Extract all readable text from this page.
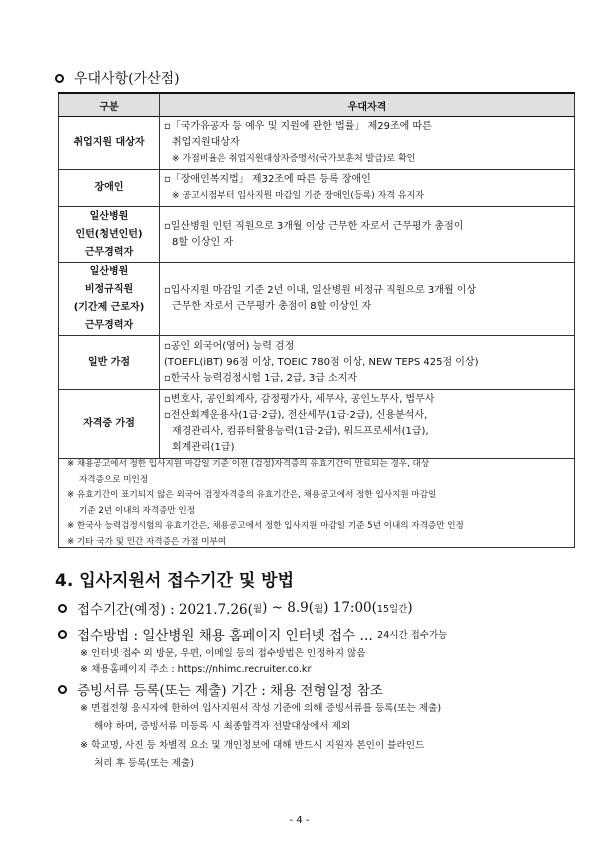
우대사항(가산점)
구분	우대자격

취업지원 대상자	▫「국가유공자 등 예우 및 지원에 관한 법률」 제29조에 따른
취업지원대상자
※ 가점비율은 취업지원대상자증명서(국가보훈처 발급)로 확인

장애인	▫「장애인복지법」 제32조에 따른 등록 장애인
※ 공고시점부터 입사지원 마감일 기준 장애인(등록) 자격 유지자

일산병원
인턴(청년인턴)
근무경력자	▫일산병원 인턴 직원으로 3개월 이상 근무한 자로서 근무평가 총점이
8할 이상인 자

일산병원
비정규직원
(기간제 근로자)
근무경력자	▫입사지원 마감일 기준 2년 이내, 일산병원 비정규 직원으로 3개월 이상
근무한 자로서 근무평가 총점이 8할 이상인 자

일반 가점	▫공인 외국어(영어) 능력 검정
(TOEFL(iBT) 96점 이상, TOEIC 780점 이상, NEW TEPS 425점 이상)
▫한국사 능력검정시험 1급, 2급, 3급 소지자

자격증 가점	▫변호사, 공인회계사, 감정평가사, 세무사, 공인노무사, 법무사
▫전산회계운용사(1급·2급), 전산세무(1급·2급), 신용분석사,
재경관리사, 컴퓨터활용능력(1급·2급), 워드프로세서(1급),
회계관리(1급)
※ 채용공고에서 정한 입사지원 마감일 기준 이전 (검정)자격증의 유효기간이 만료되는 경우, 대상
자격증으로 미인정
※ 유효기간이 표기되지 않은 외국어 검정자격증의 유효기간은, 채용공고에서 정한 입사지원 마감일
기준 2년 이내의 자격증만 인정
※ 한국사 능력검정시험의 유효기간은, 채용공고에서 정한 입사지원 마감일 기준 5년 이내의 자격증만 인정
※ 기타 국가 및 민간 자격증은 가점 미부여
4. 입사지원서 접수기간 및 방법
접수기간(예정) : 2021.7.26( 월 ) ~ 8.9( 월 ) 17:00( 15일간 )
접수방법 : 일산병원 채용 홈페이지 인터넷 접수 …
24시간 접수가능
※ 인터넷 접수 외 방문, 우편, 이메일 등의 접수방법은 인정하지 않음
※ 채용홈페이지 주소 : https://nhimc.recruiter.co.kr
증빙서류 등록(또는 제출) 기간 : 채용 전형일정 참조
※ 면접전형 응시자에 한하여 입사지원서 작성 기준에 의해 증빙서류를 등록(또는 제출)
해야 하며, 증빙서류 미등록 시 최종합격자 선발대상에서 제외
※ 학교명, 사진 등 차별적 요소 및 개인정보에 대해 반드시 지원자 본인이 블라인드
처리 후 등록(또는 제출)
- 4 -
